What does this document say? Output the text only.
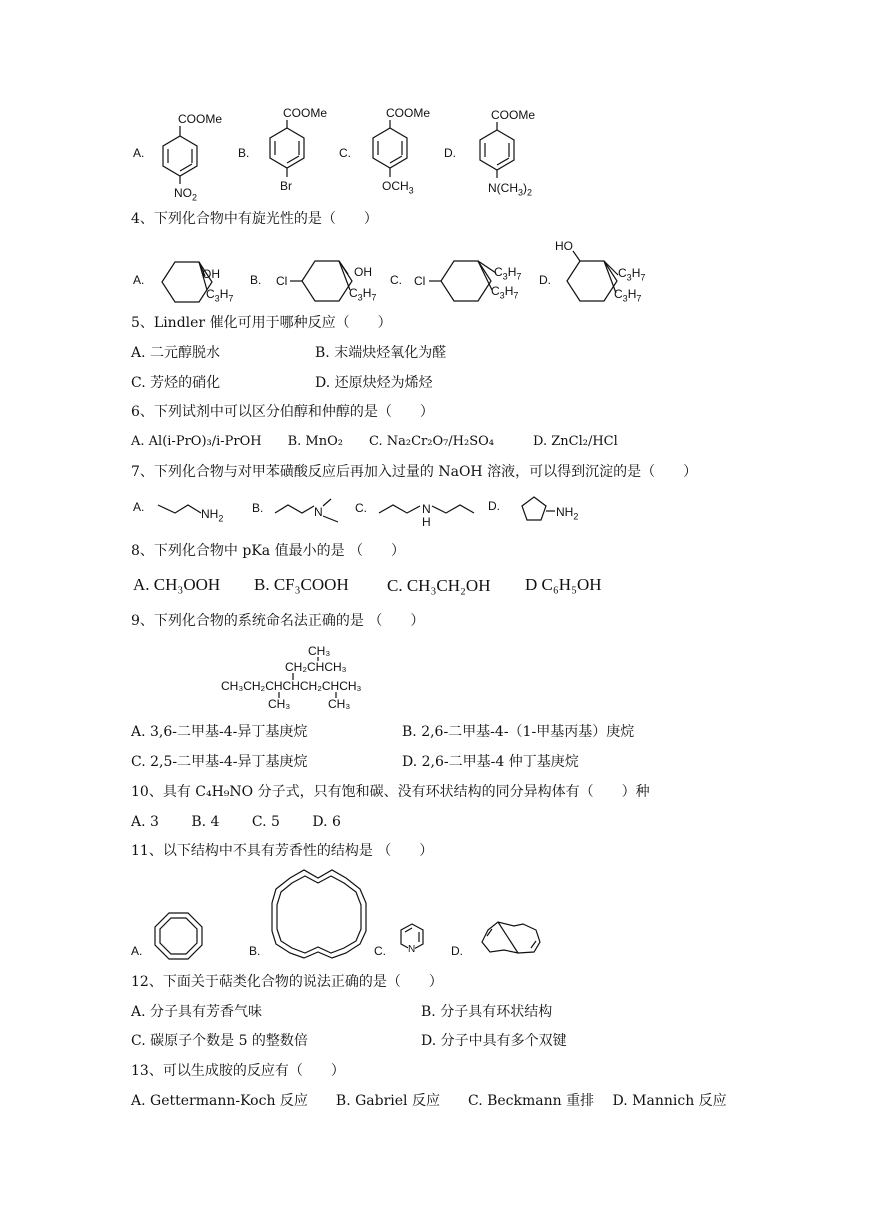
A.
COOMe
$NO_2$
B.
COOMe
Br
C.
COOMe
$OCH_3$
D.
COOMe
$N(CH_3)_2$
4、下列化合物中有旋光性的是（　　）
A.	OH
$C_3H_7$
B. Cl
OH
$C_3H_7$
C. Cl
$C_3H_7$
$C_3H_7$
D.
HO
$C_3H_7$
$C_3H_7$
5、Lindler 催化可用于哪种反应（　　）
A. 二元醇脱水	B. 末端炔烃氧化为醛
C. 芳烃的硝化	D. 还原炔烃为烯烃
6、下列试剂中可以区分伯醇和仲醇的是（　　）
A. Al(i-PrO)₃/i-PrOH　　B. MnO₂　　C. Na₂Cr₂O₇/H₂SO₄　　　D. ZnCl₂/HCl
7、下列化合物与对甲苯磺酸反应后再加入过量的 NaOH 溶液，可以得到沉淀的是（　　）
A.	$NH_2$
B.	N	C.	N
H
D.	$NH_2$
8、下列化合物中 pKa 值最小的是 （　　）
A. CH₃OOH B. CF₃COOH C. CH₃CH₂OH D C₆H₅OH
9、下列化合物的系统命名法正确的是 （　　）
CH₃
CH₂CHCH₃
CH₃CH₂CHCHCH₂CHCH₃
CH₃	CH₃
A. 3,6-二甲基-4-异丁基庚烷	B. 2,6-二甲基-4-（1-甲基丙基）庚烷
C. 2,5-二甲基-4-异丁基庚烷	D. 2,6-二甲基-4 仲丁基庚烷
10、具有 C₄H₉NO 分子式，只有饱和碳、没有环状结构的同分异构体有（　　）种
A. 3　　 B. 4　　 C. 5　　 D. 6
11、以下结构中不具有芳香性的结构是 （　　）
A.	B.	C. N	D.
12、下面关于萜类化合物的说法正确的是（　　）
A. 分子具有芳香气味	B. 分子具有环状结构
C. 碳原子个数是 5 的整数倍	D. 分子中具有多个双键
13、可以生成胺的反应有（　　）
A. Gettermann-Koch 反应　　B. Gabriel 反应　　C. Beckmann 重排　 D. Mannich 反应
